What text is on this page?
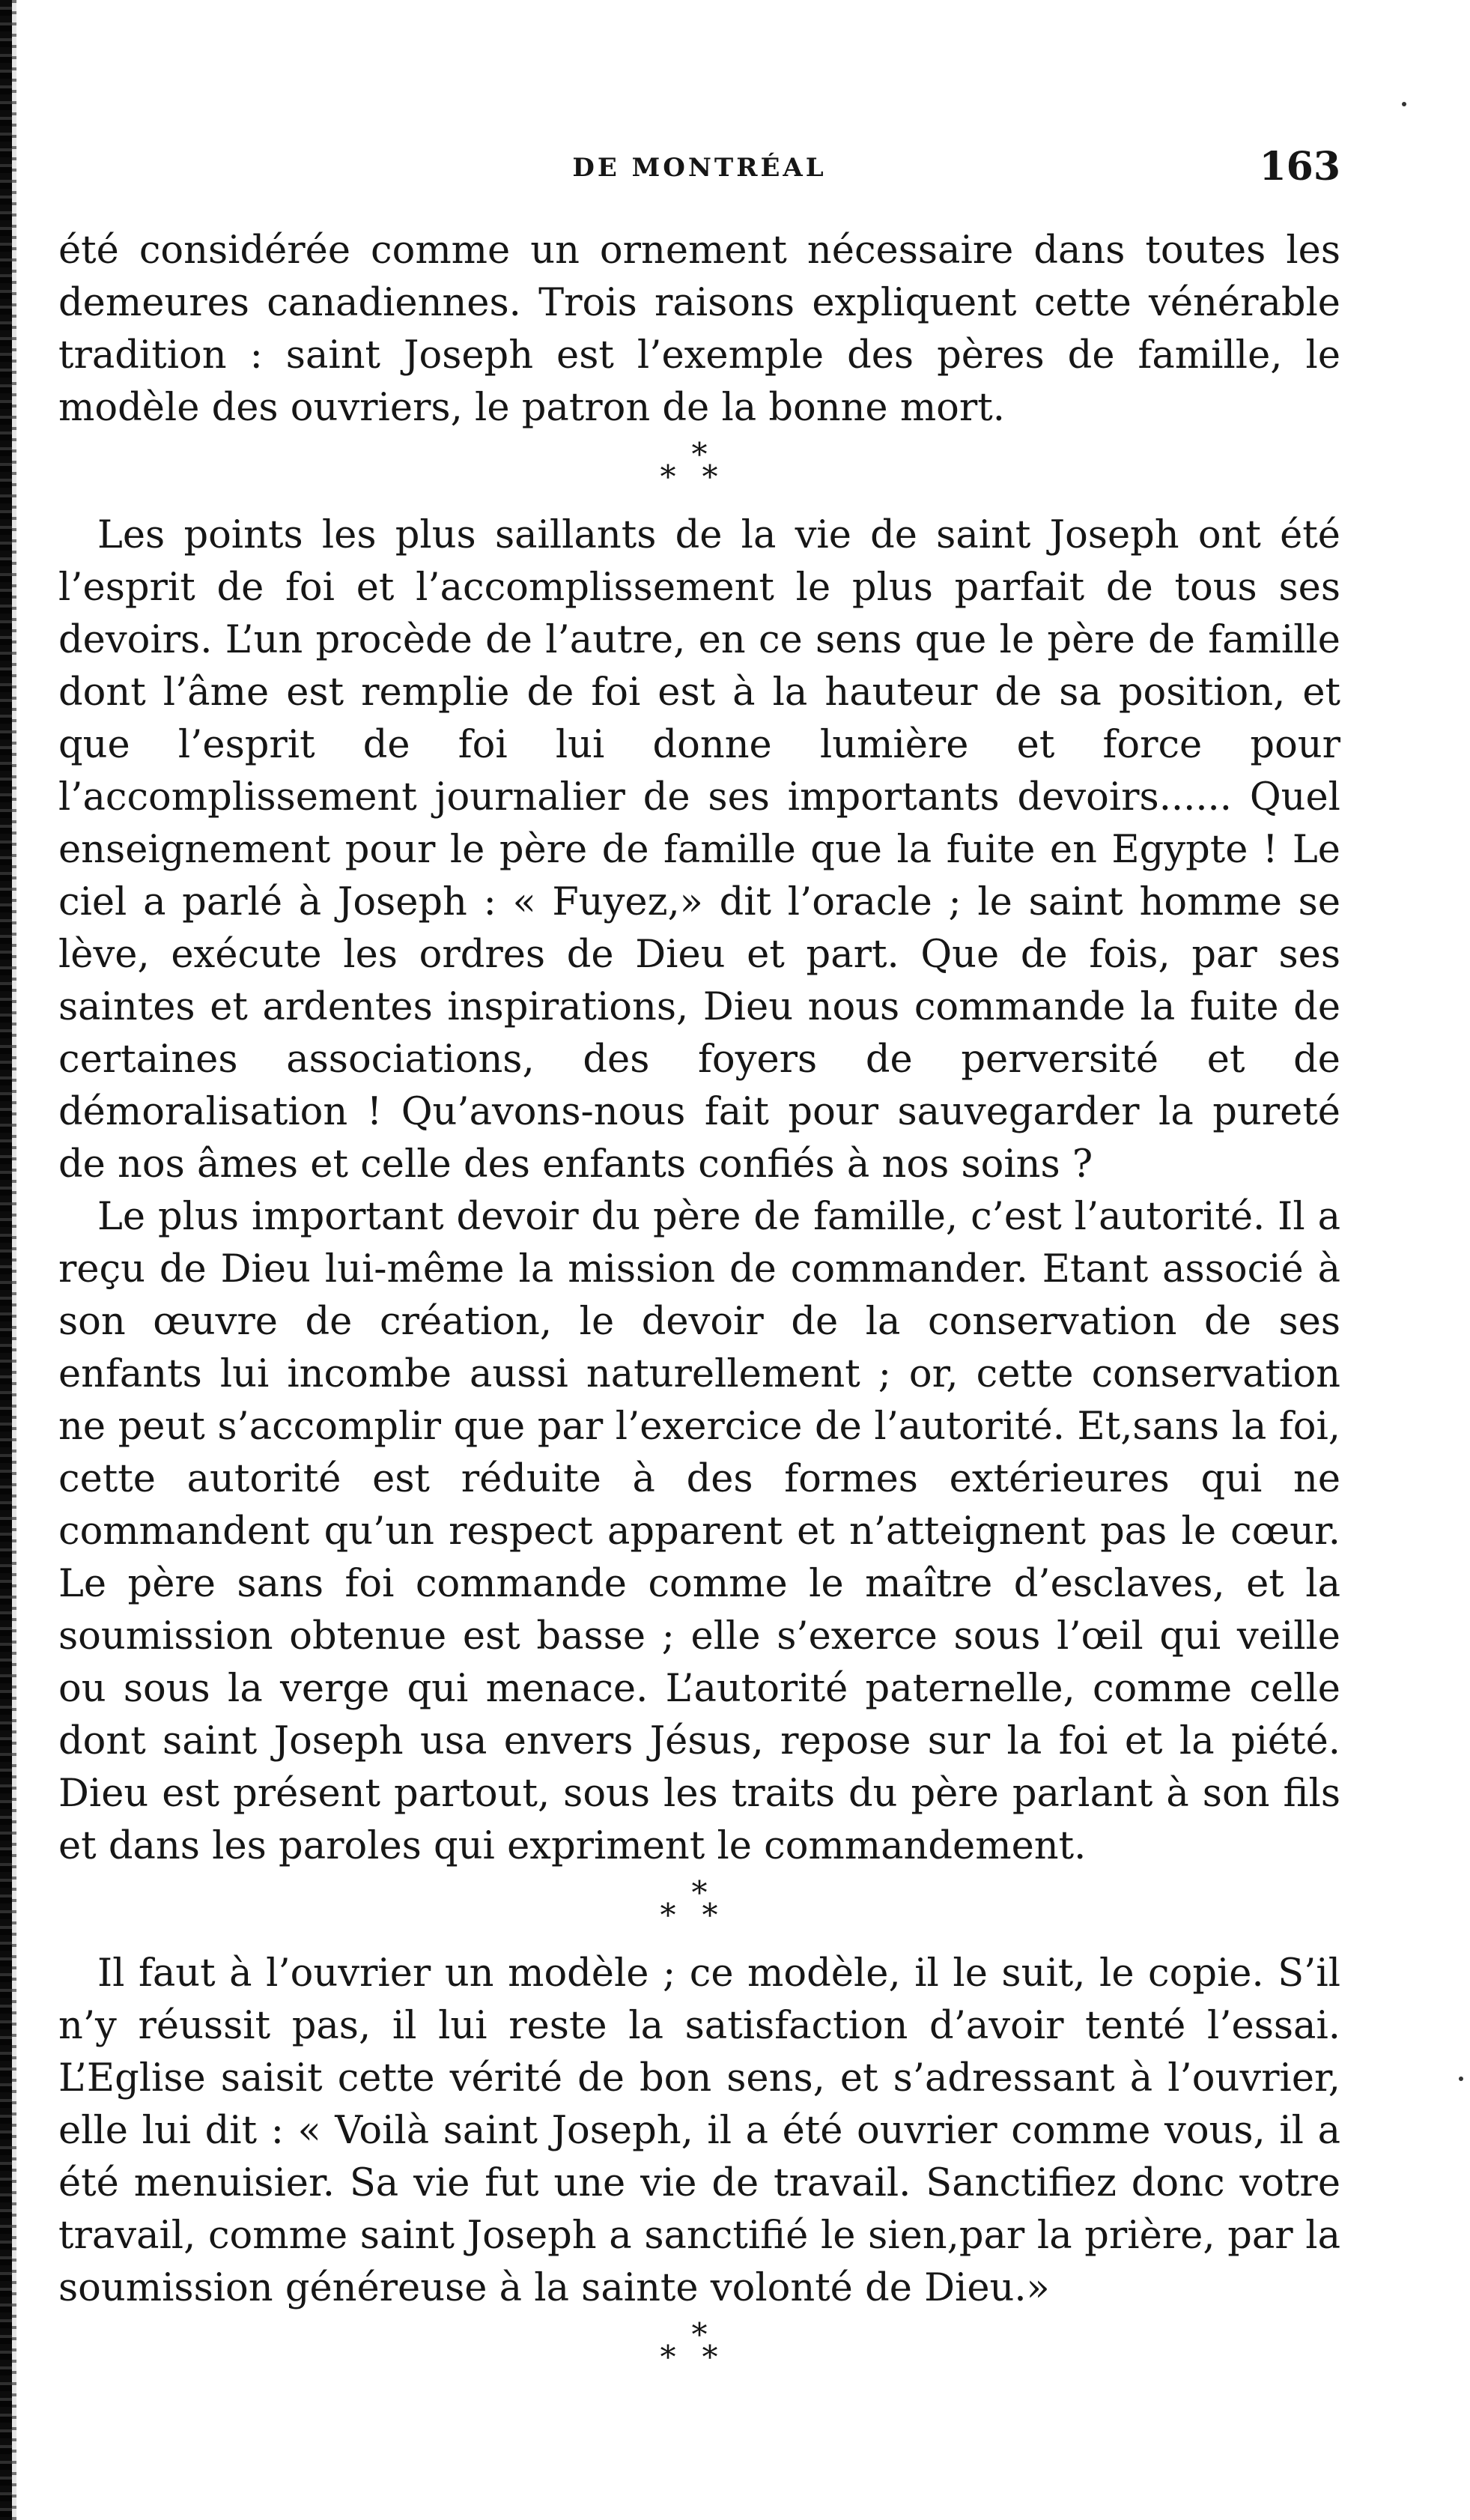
DE MONTRÉAL	163

été considérée comme un ornement nécessaire dans toutes les demeures canadiennes. Trois raisons expliquent cette vénérable tradition : saint Joseph est l’exemple des pères de famille, le modèle des ouvriers, le patron de la bonne mort.

*
* *

Les points les plus saillants de la vie de saint Joseph ont été l’esprit de foi et l’accomplissement le plus parfait de tous ses devoirs. L’un procède de l’autre, en ce sens que le père de famille dont l’âme est remplie de foi est à la hauteur de sa position, et que l’esprit de foi lui donne lumière et force pour l’accomplissement journalier de ses importants devoirs...... Quel enseignement pour le père de famille que la fuite en Egypte ! Le ciel a parlé à Joseph : « Fuyez,» dit l’oracle ; le saint homme se lève, exécute les ordres de Dieu et part. Que de fois, par ses saintes et ardentes inspirations, Dieu nous commande la fuite de certaines associations, des foyers de perversité et de démoralisation ! Qu’avons-nous fait pour sauvegarder la pureté de nos âmes et celle des enfants confiés à nos soins ?

Le plus important devoir du père de famille, c’est l’autorité. Il a reçu de Dieu lui-même la mission de commander. Etant associé à son œuvre de création, le devoir de la conservation de ses enfants lui incombe aussi naturellement ; or, cette conservation ne peut s’accomplir que par l’exercice de l’autorité. Et,sans la foi, cette autorité est réduite à des formes extérieures qui ne commandent qu’un respect apparent et n’atteignent pas le cœur. Le père sans foi commande comme le maître d’esclaves, et la soumission obtenue est basse ; elle s’exerce sous l’œil qui veille ou sous la verge qui menace. L’autorité paternelle, comme celle dont saint Joseph usa envers Jésus, repose sur la foi et la piété. Dieu est présent partout, sous les traits du père parlant à son fils et dans les paroles qui expriment le commandement.

*
* *

Il faut à l’ouvrier un modèle ; ce modèle, il le suit, le copie. S’il n’y réussit pas, il lui reste la satisfaction d’avoir tenté l’essai. L’Eglise saisit cette vérité de bon sens, et s’adressant à l’ouvrier, elle lui dit : « Voilà saint Joseph, il a été ouvrier comme vous, il a été menuisier. Sa vie fut une vie de travail. Sanctifiez donc votre travail, comme saint Joseph a sanctifié le sien,par la prière, par la soumission généreuse à la sainte volonté de Dieu.»

*
* *
